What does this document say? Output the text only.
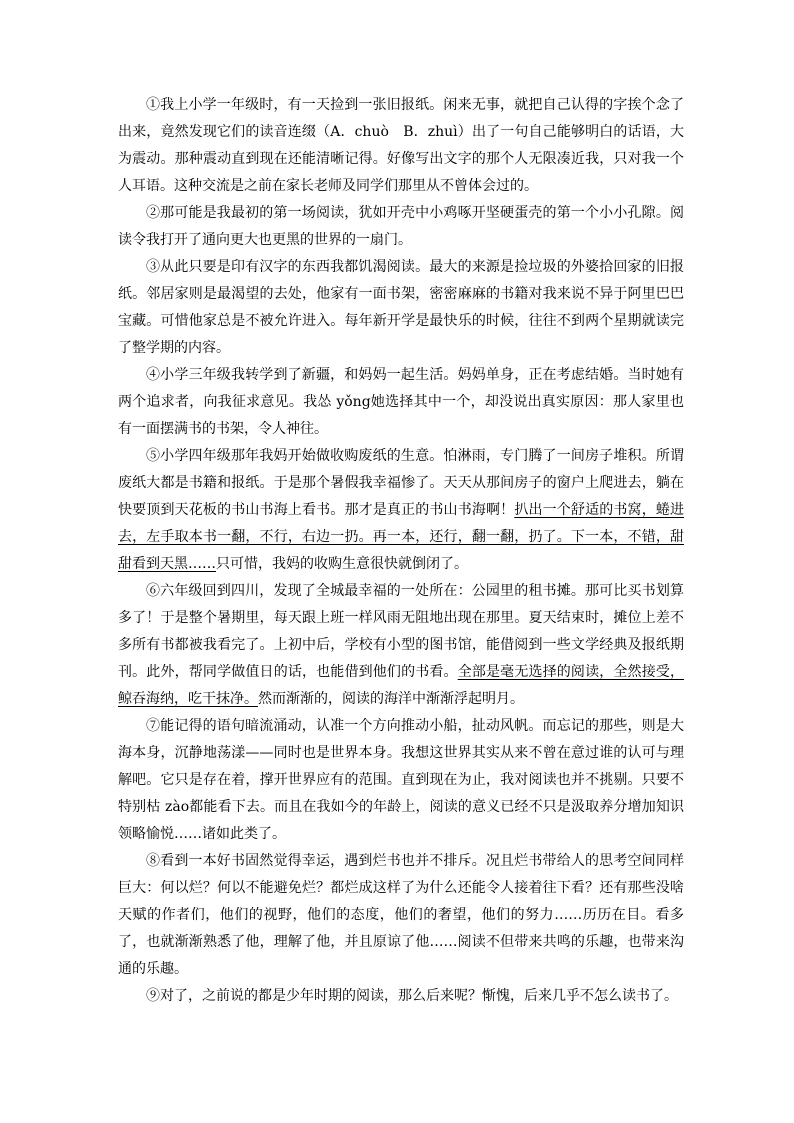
①我上小学一年级时，有一天捡到一张旧报纸。闲来无事，就把自己认得的字挨个念了出来，竟然发现它们的读音连缀（A．chuò　B．zhuì）出了一句自己能够明白的话语，大为震动。那种震动直到现在还能清晰记得。好像写出文字的那个人无限凑近我，只对我一个人耳语。这种交流是之前在家长老师及同学们那里从不曾体会过的。

②那可能是我最初的第一场阅读，犹如开壳中小鸡啄开坚硬蛋壳的第一个小小孔隙。阅读令我打开了通向更大也更黑的世界的一扇门。

③从此只要是印有汉字的东西我都饥渴阅读。最大的来源是捡垃圾的外婆拾回家的旧报纸。邻居家则是最渴望的去处，他家有一面书架，密密麻麻的书籍对我来说不异于阿里巴巴宝藏。可惜他家总是不被允许进入。每年新开学是最快乐的时候，往往不到两个星期就读完了整学期的内容。

④小学三年级我转学到了新疆，和妈妈一起生活。妈妈单身，正在考虑结婚。当时她有两个追求者，向我征求意见。我怂 yǒng她选择其中一个，却没说出真实原因：那人家里也有一面摆满书的书架，令人神往。

⑤小学四年级那年我妈开始做收购废纸的生意。怕淋雨，专门腾了一间房子堆积。所谓废纸大都是书籍和报纸。于是那个暑假我幸福惨了。天天从那间房子的窗户上爬进去，躺在快要顶到天花板的书山书海上看书。那才是真正的书山书海啊！扒出一个舒适的书窝，蜷进去，左手取本书一翻，不行，右边一扔。再一本，还行，翻一翻，扔了。下一本，不错，甜甜看到天黑……只可惜，我妈的收购生意很快就倒闭了。

⑥六年级回到四川，发现了全城最幸福的一处所在：公园里的租书摊。那可比买书划算多了！于是整个暑期里，每天跟上班一样风雨无阻地出现在那里。夏天结束时，摊位上差不多所有书都被我看完了。上初中后，学校有小型的图书馆，能借阅到一些文学经典及报纸期刊。此外，帮同学做值日的话，也能借到他们的书看。全部是毫无选择的阅读，全然接受，鲸吞海纳，吃干抹净。然而渐渐的，阅读的海洋中渐渐浮起明月。

⑦能记得的语句暗流涌动，认准一个方向推动小船，扯动风帆。而忘记的那些，则是大海本身，沉静地荡漾——同时也是世界本身。我想这世界其实从来不曾在意过谁的认可与理解吧。它只是存在着，撑开世界应有的范围。直到现在为止，我对阅读也并不挑剔。只要不特别枯 zào都能看下去。而且在我如今的年龄上，阅读的意义已经不只是汲取养分增加知识领略愉悦……诸如此类了。

⑧看到一本好书固然觉得幸运，遇到烂书也并不排斥。况且烂书带给人的思考空间同样巨大：何以烂？何以不能避免烂？都烂成这样了为什么还能令人接着往下看？还有那些没啥天赋的作者们，他们的视野，他们的态度，他们的奢望，他们的努力……历历在目。看多了，也就渐渐熟悉了他，理解了他，并且原谅了他……阅读不但带来共鸣的乐趣，也带来沟通的乐趣。

⑨对了，之前说的都是少年时期的阅读，那么后来呢？惭愧，后来几乎不怎么读书了。
